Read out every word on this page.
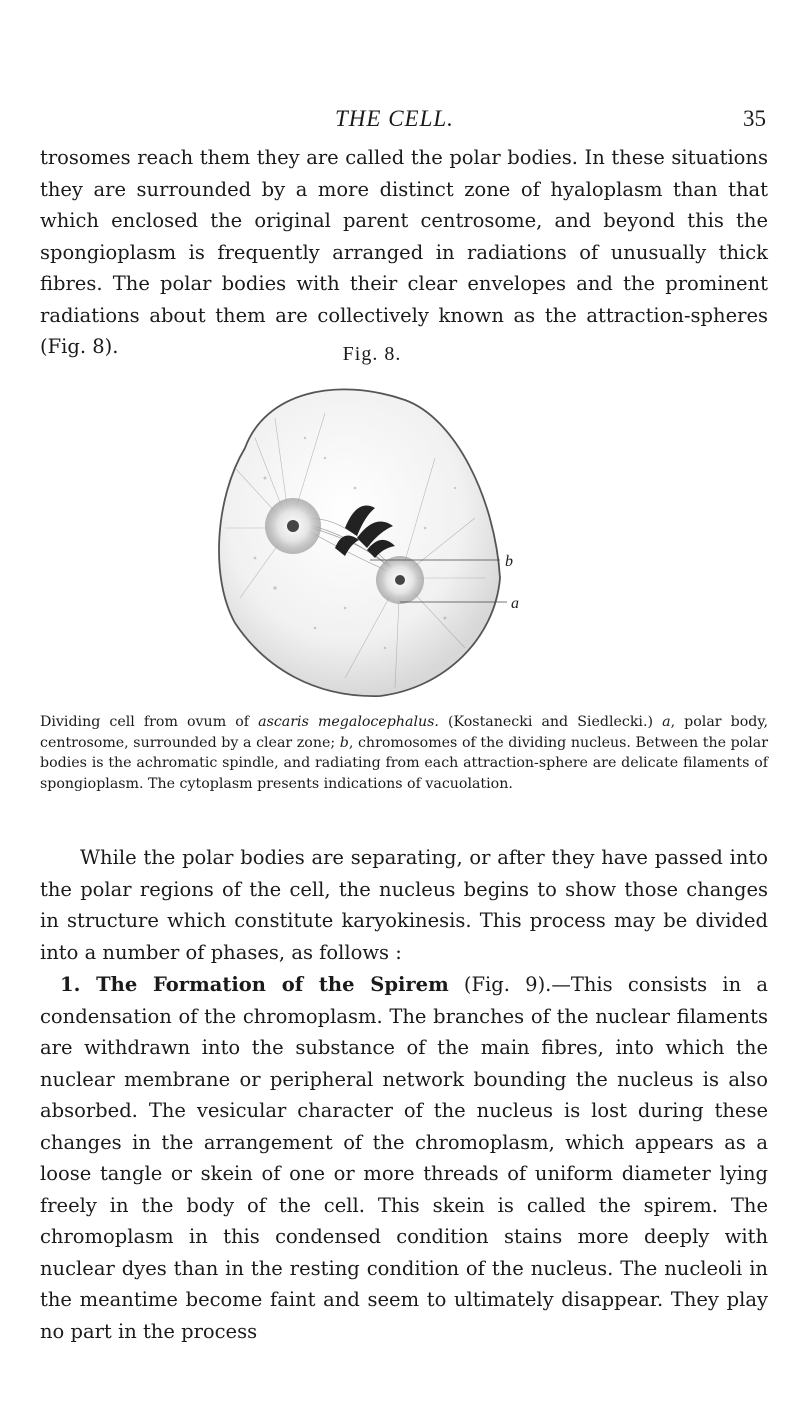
THE CELL.	35

trosomes reach them they are called the polar bodies. In these situations they are surrounded by a more distinct zone of hyaloplasm than that which enclosed the original parent centrosome, and beyond this the spongioplasm is frequently arranged in radiations of unusually thick fibres. The polar bodies with their clear envelopes and the prominent radiations about them are collectively known as the attraction-spheres (Fig. 8).	Fig. 8.
b
a

Dividing cell from ovum of ascaris megalocephalus. (Kostanecki and Siedlecki.) a, polar body, centrosome, surrounded by a clear zone; b, chromosomes of the dividing nucleus. Between the polar bodies is the achromatic spindle, and radiating from each attraction-sphere are delicate filaments of spongioplasm. The cytoplasm presents indications of vacuolation.

While the polar bodies are separating, or after they have passed into the polar regions of the cell, the nucleus begins to show those changes in structure which constitute karyokinesis. This process may be divided into a number of phases, as follows :

1. The Formation of the Spirem (Fig. 9).—This consists in a condensation of the chromoplasm. The branches of the nuclear filaments are withdrawn into the substance of the main fibres, into which the nuclear membrane or peripheral network bounding the nucleus is also absorbed. The vesicular character of the nucleus is lost during these changes in the arrangement of the chromoplasm, which appears as a loose tangle or skein of one or more threads of uniform diameter lying freely in the body of the cell. This skein is called the spirem. The chromoplasm in this condensed condition stains more deeply with nuclear dyes than in the resting condition of the nucleus. The nucleoli in the meantime become faint and seem to ultimately disappear. They play no part in the process
